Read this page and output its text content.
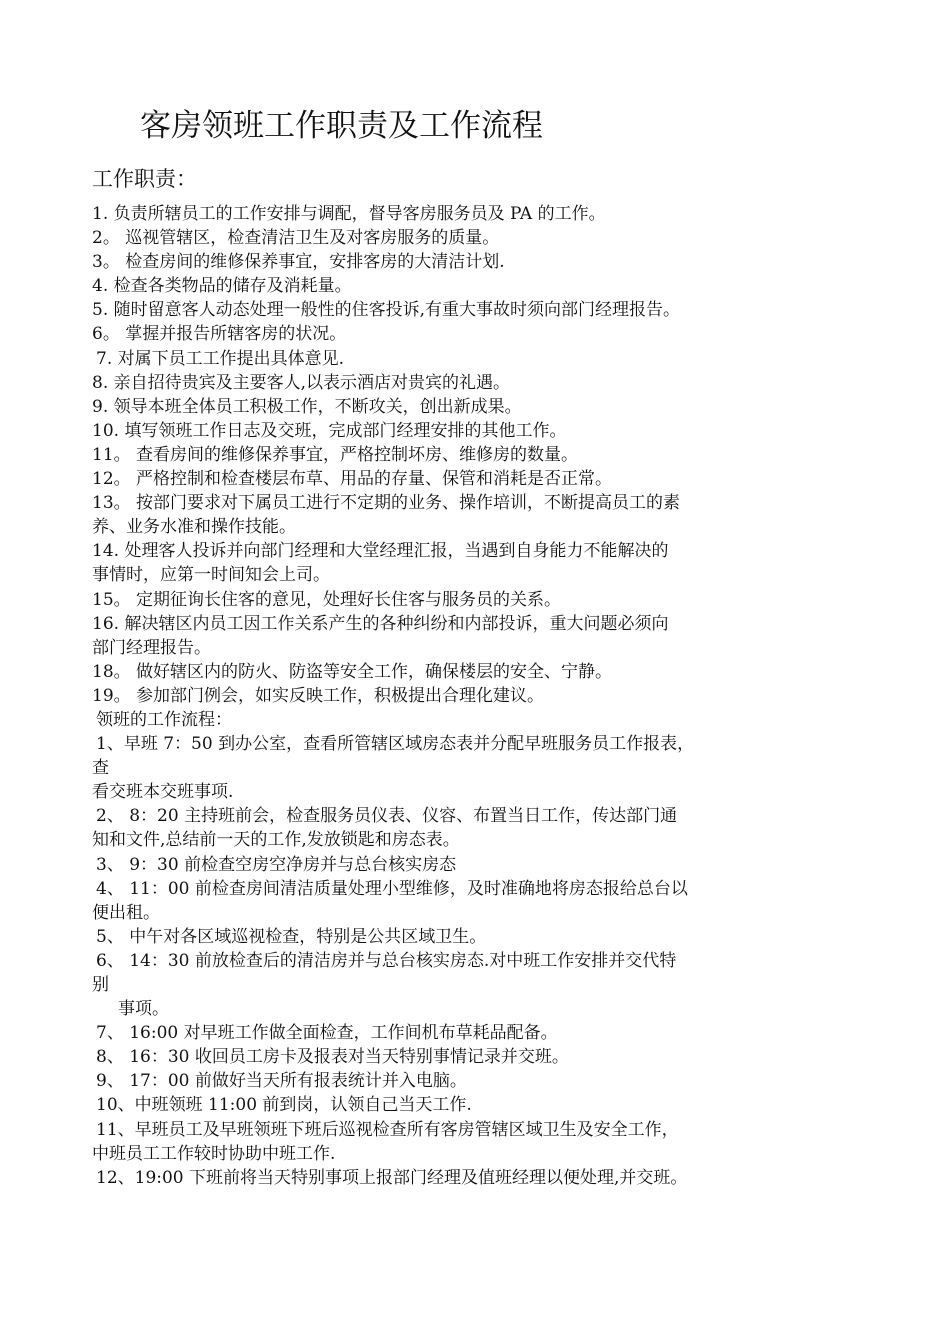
客房领班工作职责及工作流程
工作职责：
1. 负责所辖员工的工作安排与调配，督导客房服务员及 PA 的工作。
2。 巡视管辖区，检查清洁卫生及对客房服务的质量。
3。 检查房间的维修保养事宜，安排客房的大清洁计划.
4. 检查各类物品的储存及消耗量。
5. 随时留意客人动态处理一般性的住客投诉,有重大事故时须向部门经理报告。
6。 掌握并报告所辖客房的状况。
7. 对属下员工工作提出具体意见.
8. 亲自招待贵宾及主要客人,以表示酒店对贵宾的礼遇。
9. 领导本班全体员工积极工作，不断攻关，创出新成果。
10. 填写领班工作日志及交班，完成部门经理安排的其他工作。
11。 查看房间的维修保养事宜，严格控制坏房、维修房的数量。
12。 严格控制和检查楼层布草、用品的存量、保管和消耗是否正常。
13。 按部门要求对下属员工进行不定期的业务、操作培训，不断提高员工的素
养、业务水准和操作技能。
14. 处理客人投诉并向部门经理和大堂经理汇报，当遇到自身能力不能解决的
事情时，应第一时间知会上司。
15。 定期征询长住客的意见，处理好长住客与服务员的关系。
16. 解决辖区内员工因工作关系产生的各种纠纷和内部投诉，重大问题必须向
部门经理报告。
18。 做好辖区内的防火、防盗等安全工作，确保楼层的安全、宁静。
19。 参加部门例会，如实反映工作，积极提出合理化建议。
领班的工作流程：
1、早班 7：50 到办公室，查看所管辖区域房态表并分配早班服务员工作报表，
查
看交班本交班事项.
2、 8：20 主持班前会，检查服务员仪表、仪容、布置当日工作，传达部门通
知和文件,总结前一天的工作,发放锁匙和房态表。
3、 9：30 前检查空房空净房并与总台核实房态
4、 11：00 前检查房间清洁质量处理小型维修，及时准确地将房态报给总台以
便出租。
5、 中午对各区域巡视检查，特别是公共区域卫生。
6、 14：30 前放检查后的清洁房并与总台核实房态.对中班工作安排并交代特
别
事项。
7、 16:00 对早班工作做全面检查，工作间机布草耗品配备。
8、 16：30 收回员工房卡及报表对当天特别事情记录并交班。
9、 17：00 前做好当天所有报表统计并入电脑。
10、中班领班 11:00 前到岗，认领自己当天工作.
11、早班员工及早班领班下班后巡视检查所有客房管辖区域卫生及安全工作，
中班员工工作较时协助中班工作.
12、19:00 下班前将当天特别事项上报部门经理及值班经理以便处理,并交班。
